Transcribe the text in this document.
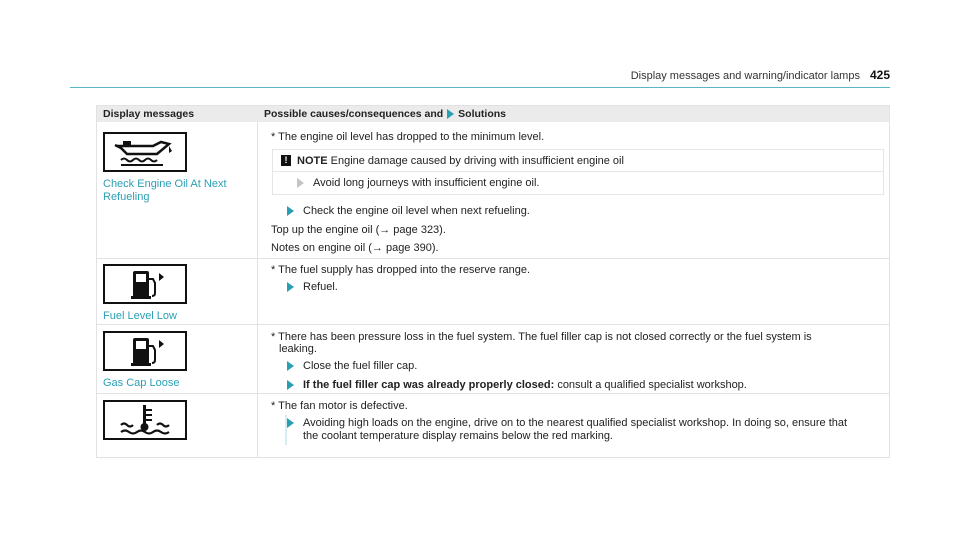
Display messages and warning/indicator lamps 425
Display messages	Possible causes/consequences and Solutions
Check Engine Oil At Next
Refueling
* The engine oil level has dropped to the minimum level.
! NOTE Engine damage caused by driving with insufficient engine oil
Avoid long journeys with insufficient engine oil.
Check the engine oil level when next refueling.
Top up the engine oil (→ page 323).
Notes on engine oil (→ page 390).
Fuel Level Low
* The fuel supply has dropped into the reserve range.
Refuel.
Gas Cap Loose
* There has been pressure loss in the fuel system. The fuel filler cap is not closed correctly or the fuel system is
leaking.
Close the fuel filler cap.
If the fuel filler cap was already properly closed: consult a qualified specialist workshop.
* The fan motor is defective.
Avoiding high loads on the engine, drive on to the nearest qualified specialist workshop. In doing so, ensure that
the coolant temperature display remains below the red marking.
